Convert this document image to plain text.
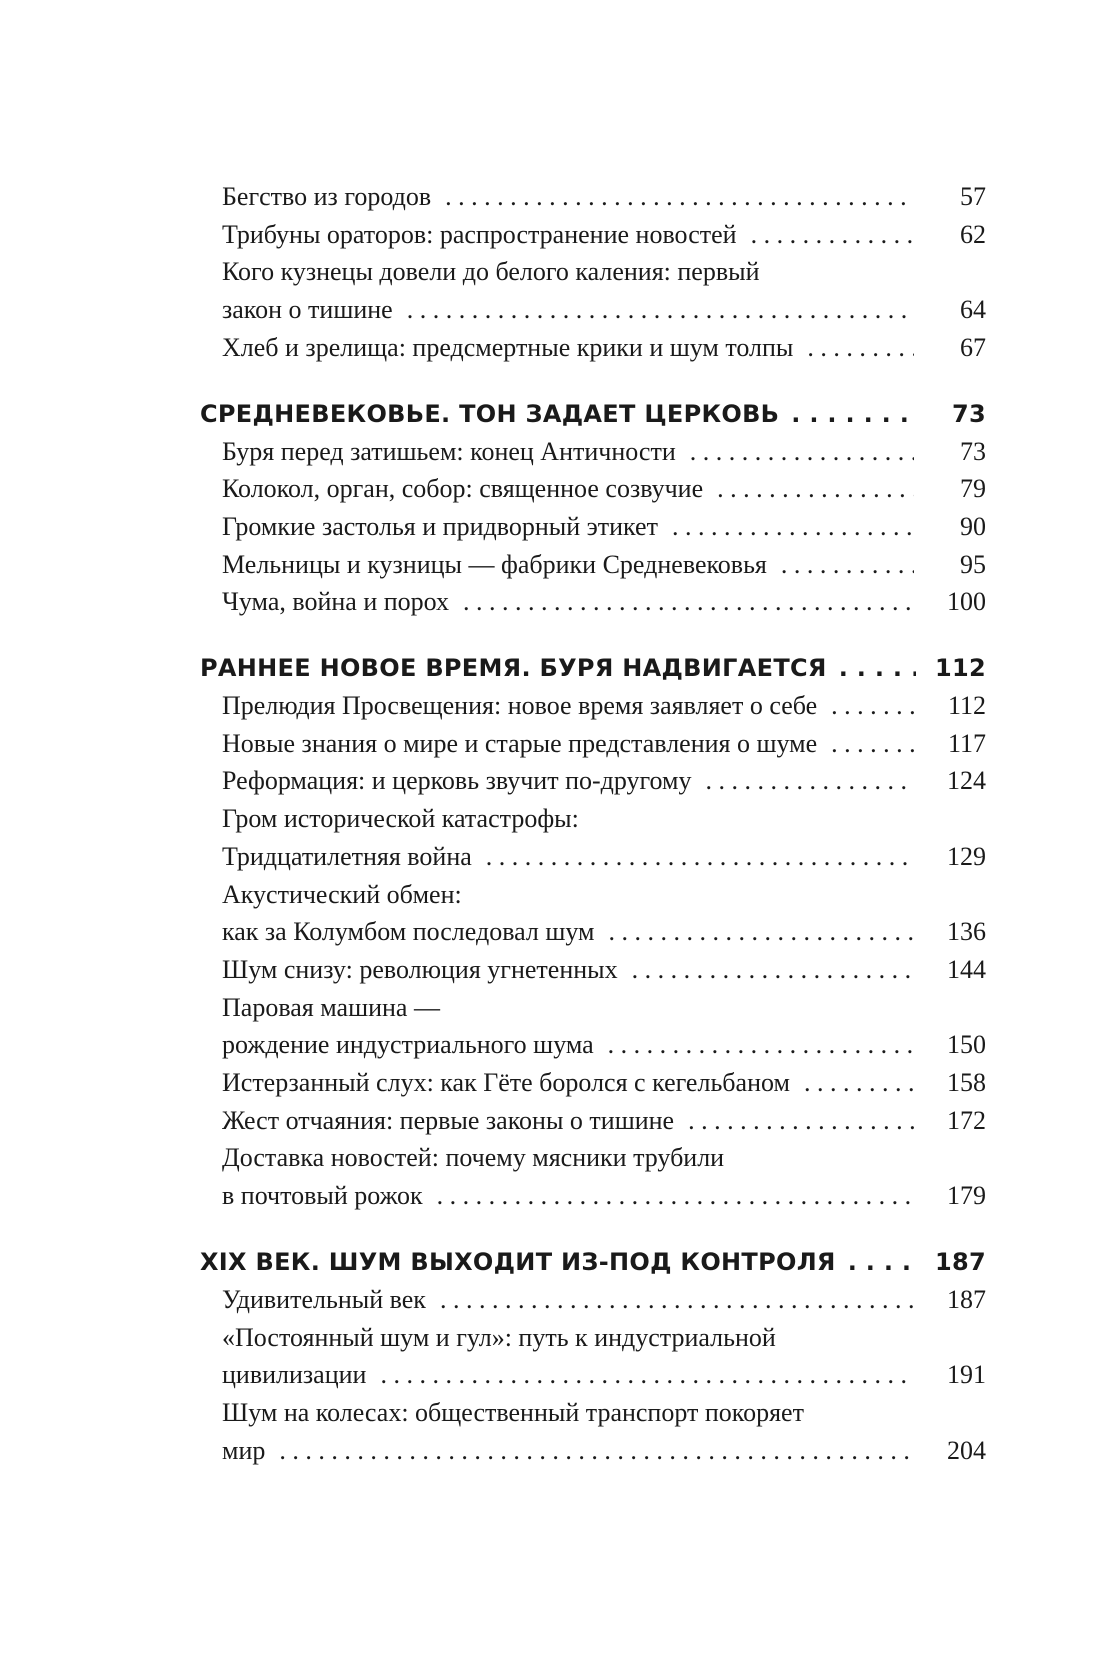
Бегство из городов . . .	57
Трибуны ораторов: распространение новостей . . .	62
Кого кузнецы довели до белого каления: первый
закон о тишине . . .	64
Хлеб и зрелища: предсмертные крики и шум толпы . . .	67
СРЕДНЕВЕКОВЬЕ. ТОН ЗАДАЕТ ЦЕРКОВЬ . . .	73
Буря перед затишьем: конец Античности . . .	73
Колокол, орган, собор: священное созвучие . . .	79
Громкие застолья и придворный этикет . . .	90
Мельницы и кузницы — фабрики Средневековья . . .	95
Чума, война и порох . . .	100
РАННЕЕ НОВОЕ ВРЕМЯ. БУРЯ НАДВИГАЕТСЯ . . .	112
Прелюдия Просвещения: новое время заявляет о себе . . .	112
Новые знания о мире и старые представления о шуме . . .	117
Реформация: и церковь звучит по-другому . . .	124
Гром исторической катастрофы:
Тридцатилетняя война . . .	129
Акустический обмен:
как за Колумбом последовал шум . . .	136
Шум снизу: революция угнетенных . . .	144
Паровая машина —
рождение индустриального шума . . .	150
Истерзанный слух: как Гёте боролся с кегельбаном . . .	158
Жест отчаяния: первые законы о тишине . . .	172
Доставка новостей: почему мясники трубили
в почтовый рожок . . .	179
XIX ВЕК. ШУМ ВЫХОДИТ ИЗ-ПОД КОНТРОЛЯ . . .	187
Удивительный век . . .	187
«Постоянный шум и гул»: путь к индустриальной
цивилизации . . .	191
Шум на колесах: общественный транспорт покоряет
мир . . .	204
